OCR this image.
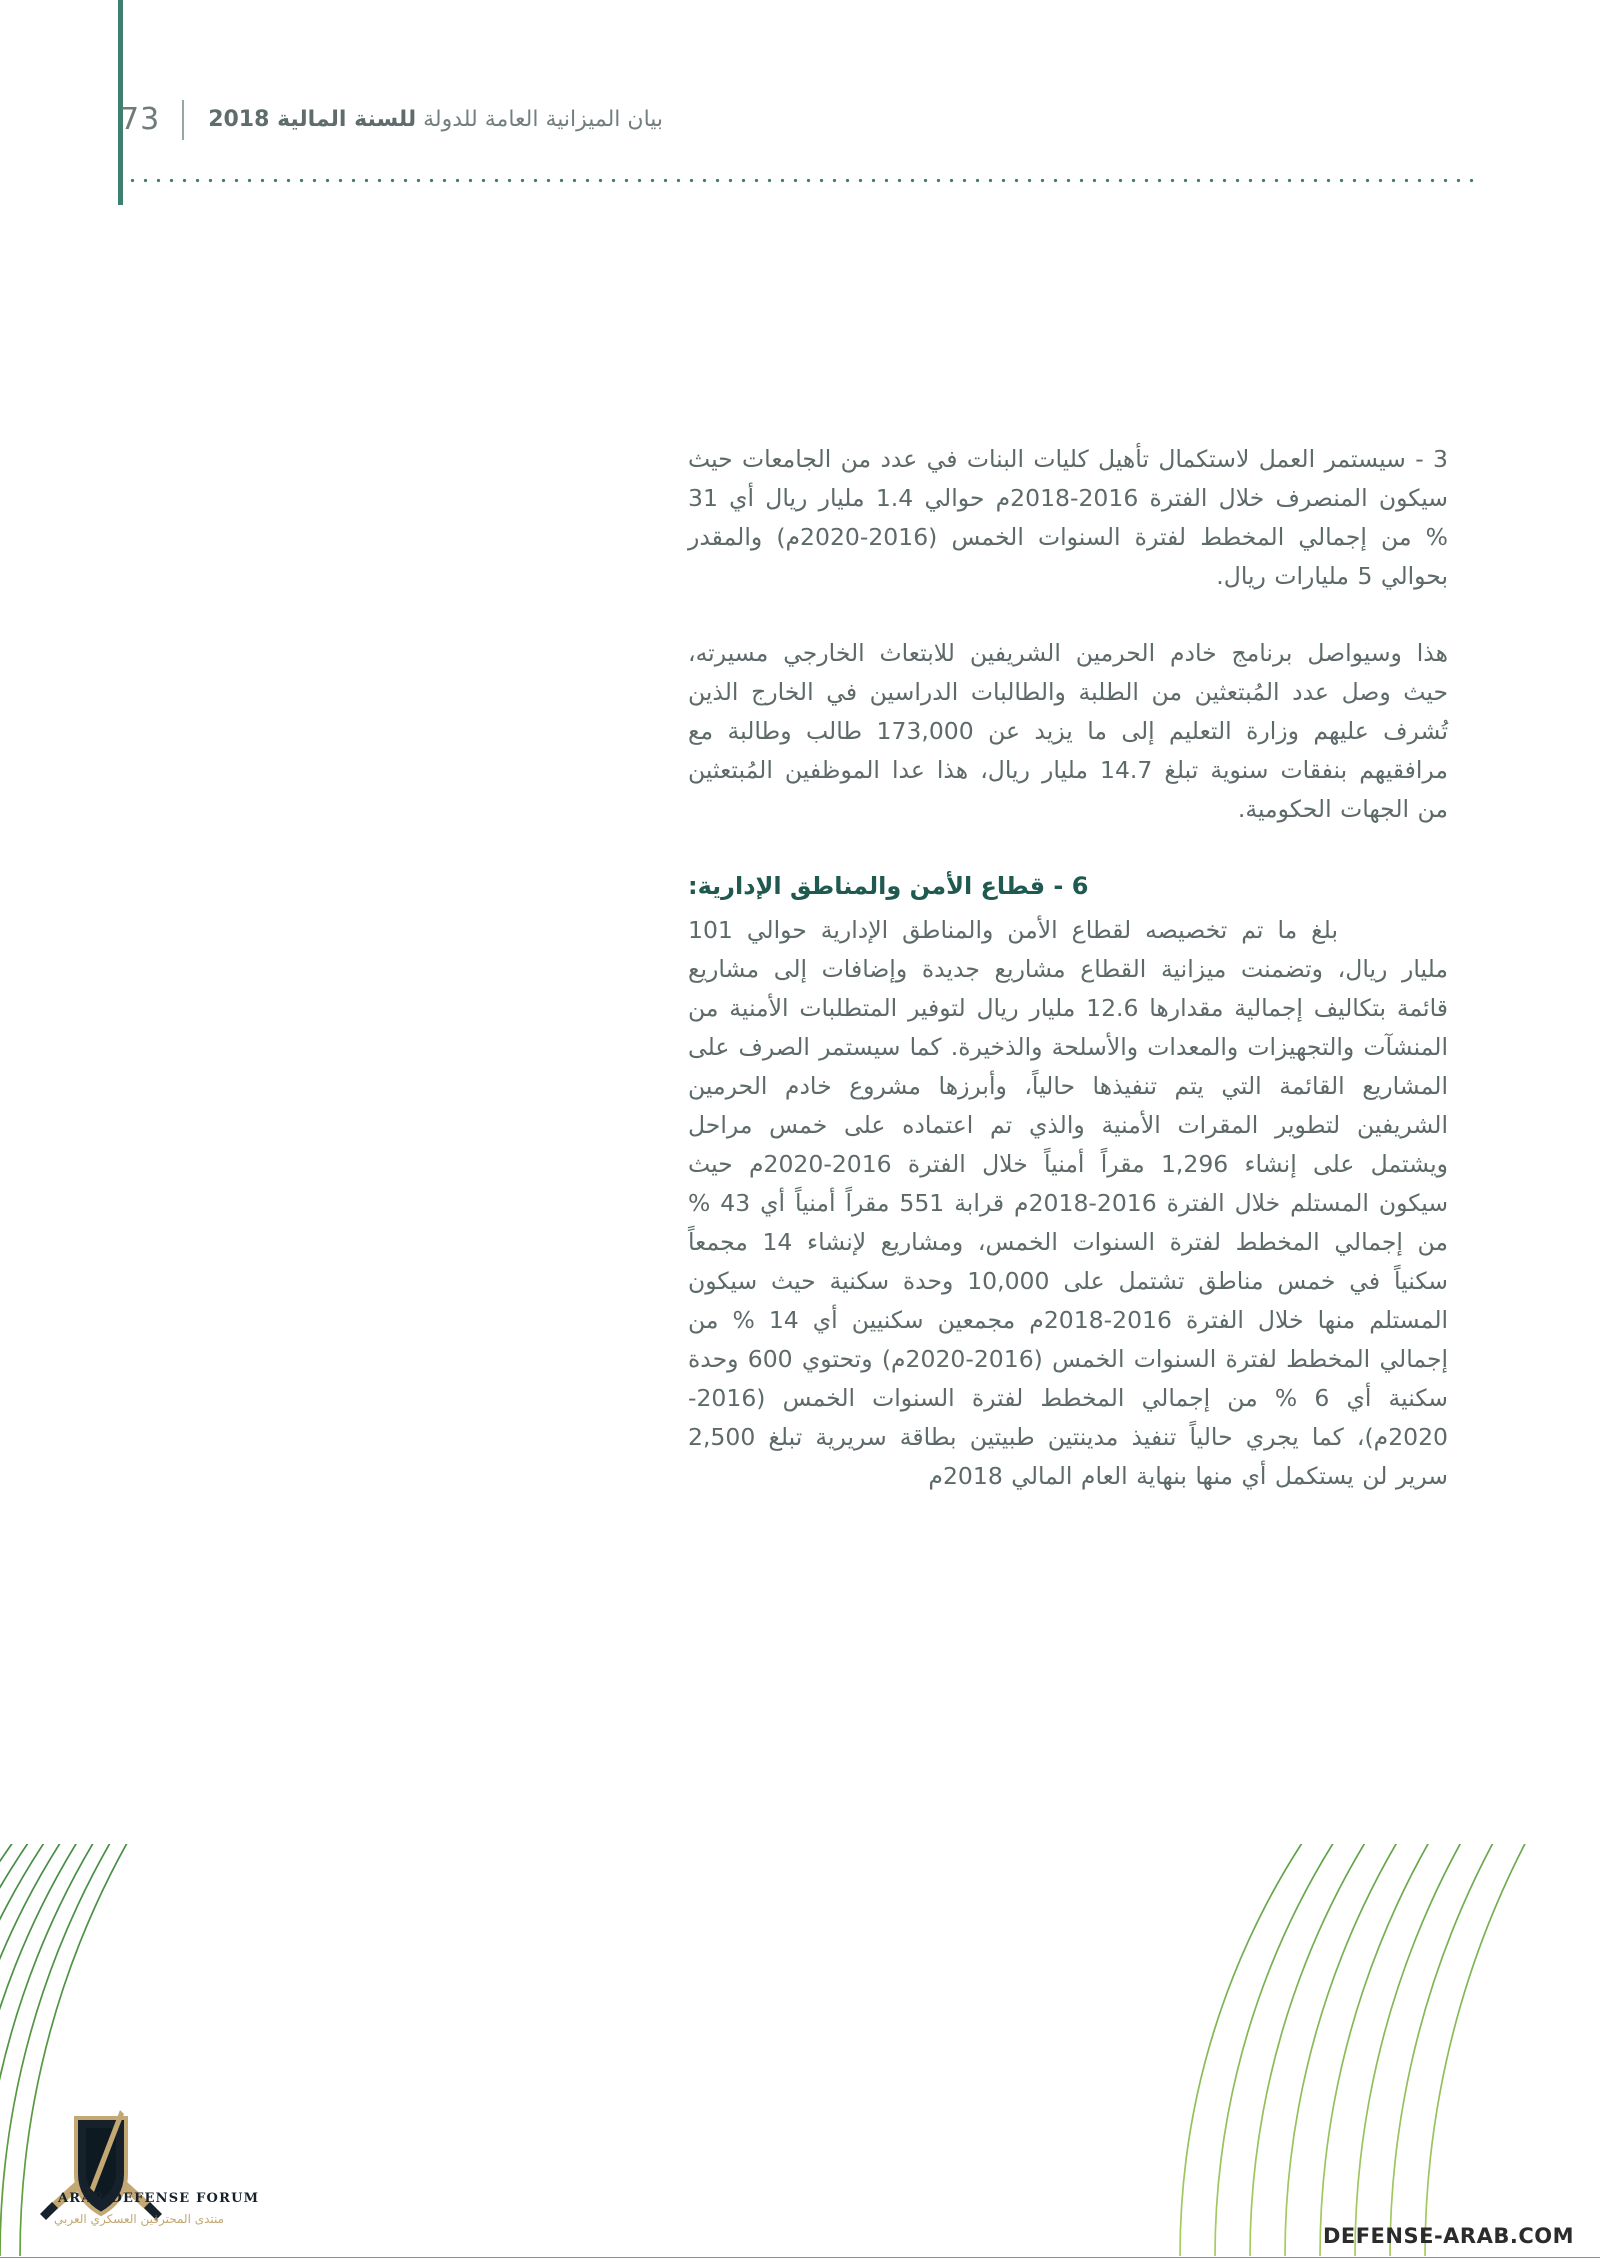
73	بيان الميزانية العامة للدولة للسنة المالية 2018

3 - سيستمر العمل لاستكمال تأهيل كليات البنات في عدد من الجامعات حيث سيكون المنصرف خلال الفترة 2016-2018م حوالي 1.4 مليار ريال أي 31 % من إجمالي المخطط لفترة السنوات الخمس (2016-2020م) والمقدر بحوالي 5 مليارات ريال.

هذا وسيواصل برنامج خادم الحرمين الشريفين للابتعاث الخارجي مسيرته، حيث وصل عدد المُبتعثين من الطلبة والطالبات الدراسين في الخارج الذين تُشرف عليهم وزارة التعليم إلى ما يزيد عن 173,000 طالب وطالبة مع مرافقيهم بنفقات سنوية تبلغ 14.7 مليار ريال، هذا عدا الموظفين المُبتعثين من الجهات الحكومية.

6 - قطاع الأمن والمناطق الإدارية:

بلغ ما تم تخصيصه لقطاع الأمن والمناطق الإدارية حوالي 101 مليار ريال، وتضمنت ميزانية القطاع مشاريع جديدة وإضافات إلى مشاريع قائمة بتكاليف إجمالية مقدارها 12.6 مليار ريال لتوفير المتطلبات الأمنية من المنشآت والتجهيزات والمعدات والأسلحة والذخيرة. كما سيستمر الصرف على المشاريع القائمة التي يتم تنفيذها حالياً، وأبرزها مشروع خادم الحرمين الشريفين لتطوير المقرات الأمنية والذي تم اعتماده على خمس مراحل ويشتمل على إنشاء 1,296 مقراً أمنياً خلال الفترة 2016-2020م حيث سيكون المستلم خلال الفترة 2016-2018م قرابة 551 مقراً أمنياً أي 43 % من إجمالي المخطط لفترة السنوات الخمس، ومشاريع لإنشاء 14 مجمعاً سكنياً في خمس مناطق تشتمل على 10,000 وحدة سكنية حيث سيكون المستلم منها خلال الفترة 2016-2018م مجمعين سكنيين أي 14 % من إجمالي المخطط لفترة السنوات الخمس (2016-2020م) وتحتوي 600 وحدة سكنية أي 6 % من إجمالي المخطط لفترة السنوات الخمس (2016-2020م)، كما يجري حالياً تنفيذ مدينتين طبيتين بطاقة سريرية تبلغ 2,500 سرير لن يستكمل أي منها بنهاية العام المالي 2018م

ARAB DEFENSE FORUM
منتدى المحترفين العسكري العربي
DEFENSE-ARAB.COM
